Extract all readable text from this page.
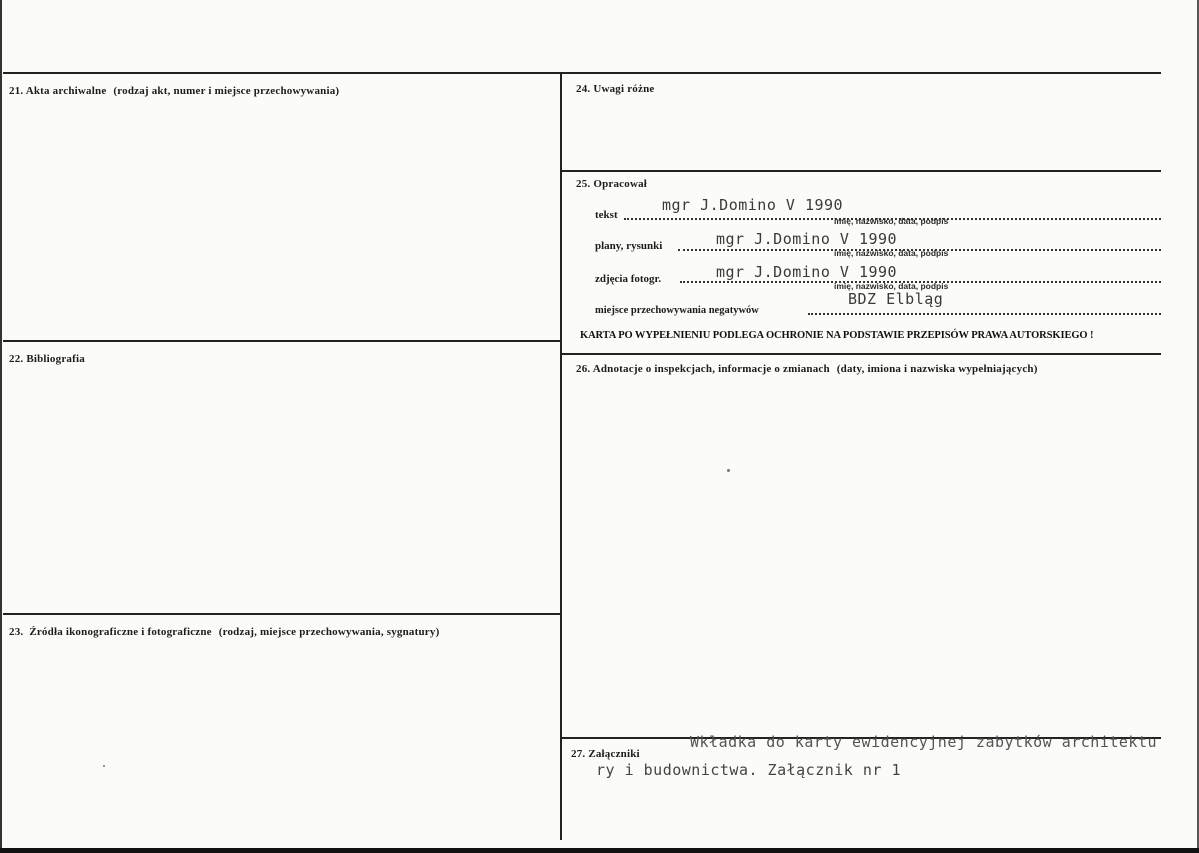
21. Akta archiwalne (rodzaj akt, numer i miejsce przechowywania)
22. Bibliografia
23. Źródła ikonograficzne i fotograficzne (rodzaj, miejsce przechowywania, sygnatury)
24. Uwagi różne
25. Opracował
tekst
mgr J.Domino V 1990
imię, nazwisko, data, podpis
plany, rysunki	mgr J.Domino V 1990
imię, nazwisko, data, podpis
zdjęcia fotogr.	mgr J.Domino V 1990
imię, nazwisko, data, podpis
miejsce przechowywania negatywów
BDZ Elbląg
KARTA PO WYPEŁNIENIU PODLEGA OCHRONIE NA PODSTAWIE PRZEPISÓW PRAWA AUTORSKIEGO !
26. Adnotacje o inspekcjach, informacje o zmianach (daty, imiona i nazwiska wypełniających)
27. Załączniki
Wkładka do karty ewidencyjnej zabytków architektu
ry i budownictwa. Załącznik nr 1
